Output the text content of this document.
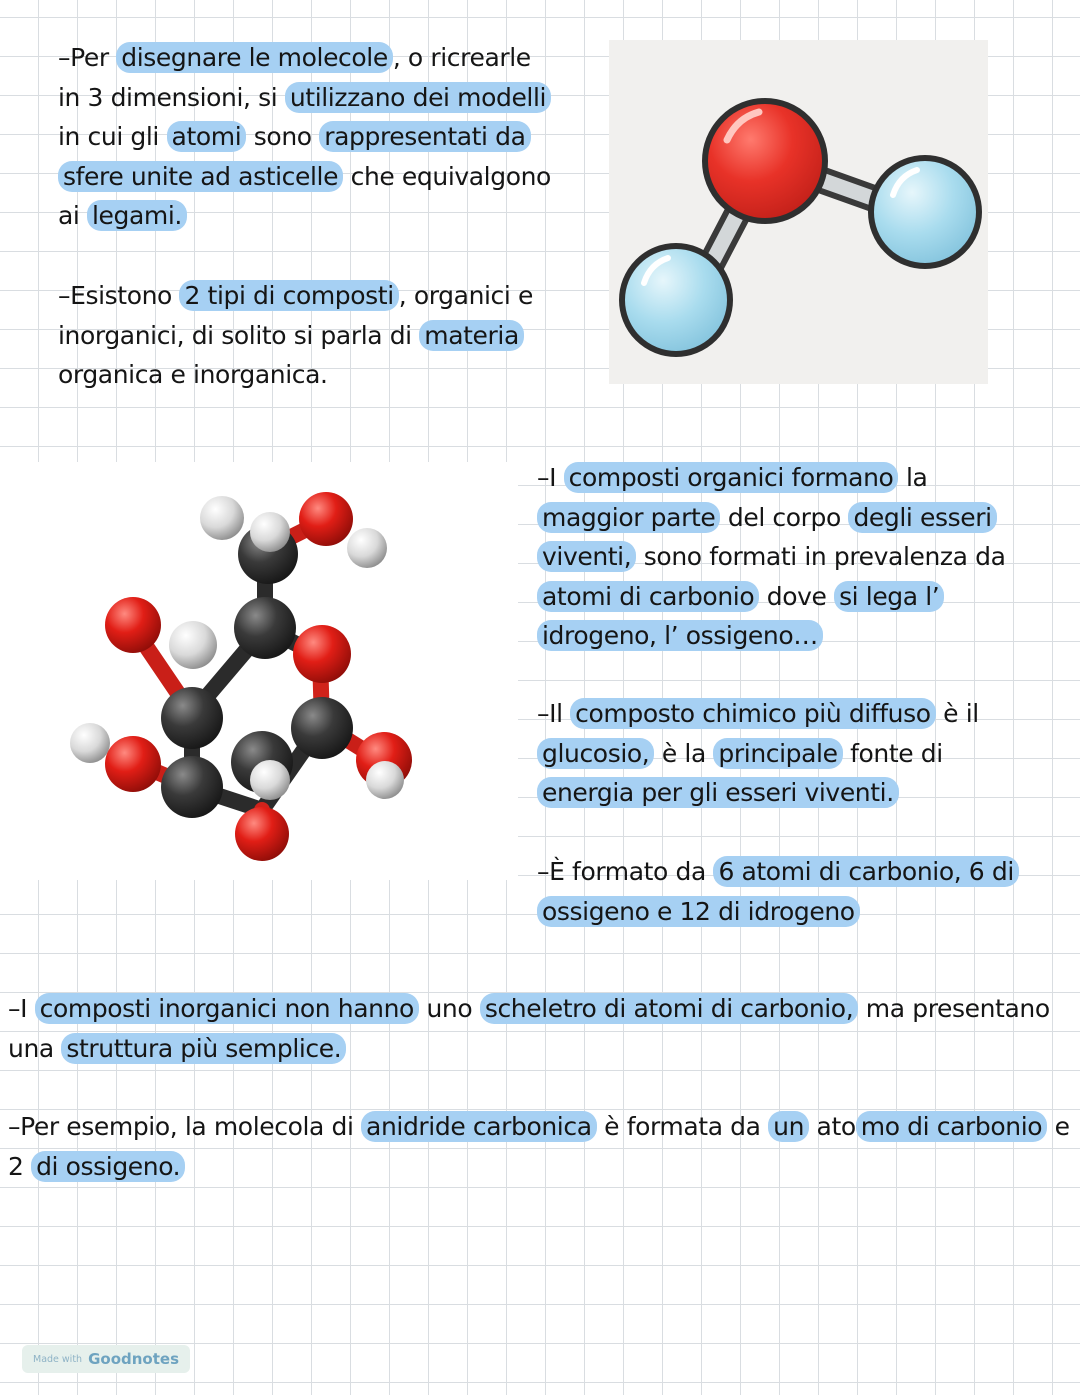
–Per disegnare le molecole , o ricrearle in 3 dimensioni, si utilizzano dei modelli in cui gli atomi sono rappresentati da sfere unite ad asticelle che equivalgono ai legami.

–Esistono 2 tipi di composti , organici e inorganici, di solito si parla di materia organica e inorganica.

–I composti organici formano la maggior parte del corpo degli esseri viventi, sono formati in prevalenza da atomi di carbonio dove si lega l’ idrogeno, l’ ossigeno…

–Il composto chimico più diffuso è il glucosio, è la principale fonte di energia per gli esseri viventi.

–È formato da 6 atomi di carbonio, 6 di ossigeno e 12 di idrogeno

–I composti inorganici non hanno uno scheletro di atomi di carbonio, ma presentano una struttura più semplice.

–Per esempio, la molecola di anidride carbonica è formata da un ato mo di carbonio e 2 di ossigeno.

Made with Goodnotes
